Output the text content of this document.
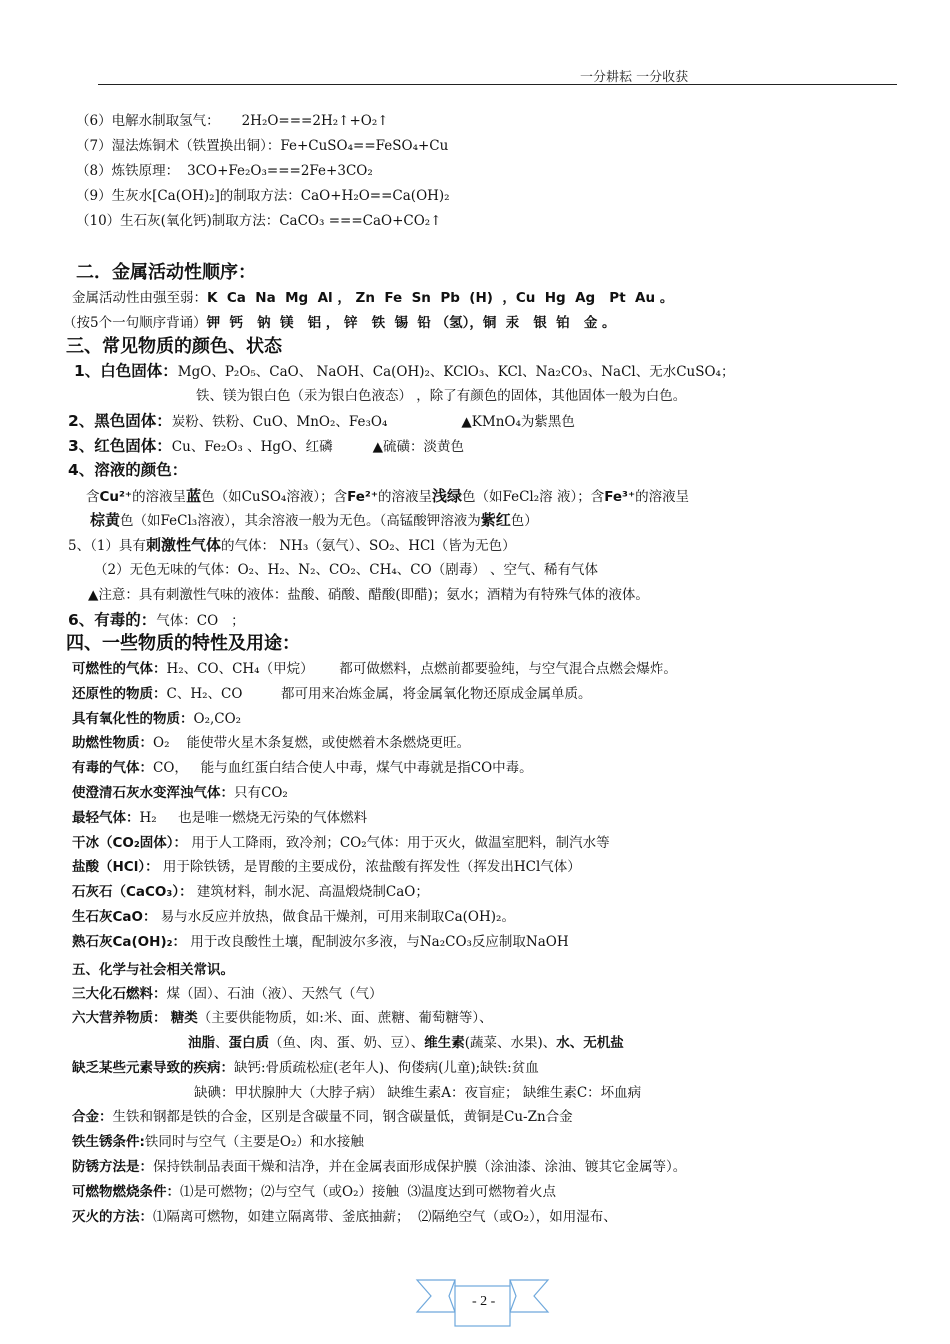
一分耕耘 一分收获
（6）电解水制取氢气： 2H₂O===2H₂↑+O₂↑
（7）湿法炼铜术（铁置换出铜）：Fe+CuSO₄==FeSO₄+Cu
（8）炼铁原理： 3CO+Fe₂O₃===2Fe+3CO₂
（9）生灰水[Ca(OH)₂]的制取方法：CaO+H₂O==Ca(OH)₂
（10）生石灰(氧化钙)制取方法：CaCO₃ ===CaO+CO₂↑
二．金属活动性顺序：
金属活动性由强至弱：K  Ca  Na  Mg  Al ， Zn  Fe  Sn  Pb  (H)  ，Cu  Hg  Ag   Pt  Au 。
（按5个一句顺序背诵）钾  钙   钠  镁   铝 ， 锌   铁  锡  铅 （氢），铜  汞   银  铂   金 。
三、常见物质的颜色、状态
1、白色固体：MgO、P₂O₅、CaO、 NaOH、Ca(OH)₂、KClO₃、KCl、Na₂CO₃、NaCl、无水CuSO₄；
铁、镁为银白色（汞为银白色液态） ，除了有颜色的固体，其他固体一般为白色。
2、黑色固体：炭粉、铁粉、CuO、MnO₂、Fe₃O₄	▲KMnO₄为紫黑色
3、红色固体：Cu、Fe₂O₃ 、HgO、红磷	▲硫磺：淡黄色
4、溶液的颜色：
含Cu²⁺的溶液呈蓝色（如CuSO₄溶液）；含Fe²⁺的溶液呈浅绿色（如FeCl₂溶 液）；含Fe³⁺的溶液呈
棕黄色（如FeCl₃溶液），其余溶液一般为无色。（高锰酸钾溶液为紫红色）
5、（1）具有刺激性气体的气体： NH₃（氨气）、SO₂、HCl（皆为无色）
（2）无色无味的气体：O₂、H₂、N₂、CO₂、CH₄、CO（剧毒） 、空气、稀有气体
▲注意：具有刺激性气味的液体：盐酸、硝酸、醋酸(即醋)；氨水；酒精为有特殊气体的液体。
6、有毒的：气体：CO   ；
四、一些物质的特性及用途：
可燃性的气体：H₂、CO、CH₄（甲烷）      都可做燃料，点燃前都要验纯，与空气混合点燃会爆炸。
还原性的物质：C、H₂、CO         都可用来冶炼金属，将金属氧化物还原成金属单质。
具有氧化性的物质：O₂,CO₂
助燃性物质：O₂    能使带火星木条复燃，或使燃着木条燃烧更旺。
有毒的气体：CO，   能与血红蛋白结合使人中毒，煤气中毒就是指CO中毒。
使澄清石灰水变浑浊气体：只有CO₂
最轻气体：H₂     也是唯一燃烧无污染的气体燃料
干冰（CO₂固体）： 用于人工降雨，致冷剂；CO₂气体：用于灭火，做温室肥料，制汽水等
盐酸（HCl）： 用于除铁锈，是胃酸的主要成份，浓盐酸有挥发性（挥发出HCl气体）
石灰石（CaCO₃）： 建筑材料，制水泥、高温煅烧制CaO；
生石灰CaO： 易与水反应并放热，做食品干燥剂，可用来制取Ca(OH)₂。
熟石灰Ca(OH)₂： 用于改良酸性土壤，配制波尔多液，与Na₂CO₃反应制取NaOH
五、化学与社会相关常识。
三大化石燃料：煤（固）、石油（液）、天然气（气）
六大营养物质： 糖类（主要供能物质，如:米、面、蔗糖、葡萄糖等）、
油脂、蛋白质（鱼、肉、蛋、奶、豆）、维生素(蔬菜、水果)、水、无机盐
缺乏某些元素导致的疾病：缺钙:骨质疏松症(老年人)、佝偻病(儿童);缺铁:贫血
缺碘：甲状腺肿大（大脖子病） 缺维生素A：夜盲症； 缺维生素C：坏血病
合金：生铁和钢都是铁的合金，区别是含碳量不同，钢含碳量低，黄铜是Cu-Zn合金
铁生锈条件:铁同时与空气（主要是O₂）和水接触
防锈方法是：保持铁制品表面干燥和洁净，并在金属表面形成保护膜（涂油漆、涂油、镀其它金属等）。
可燃物燃烧条件：⑴是可燃物；⑵与空气（或O₂）接触  ⑶温度达到可燃物着火点
灭火的方法：⑴隔离可燃物，如建立隔离带、釜底抽薪；  ⑵隔绝空气（或O₂），如用湿布、
- 2 -
